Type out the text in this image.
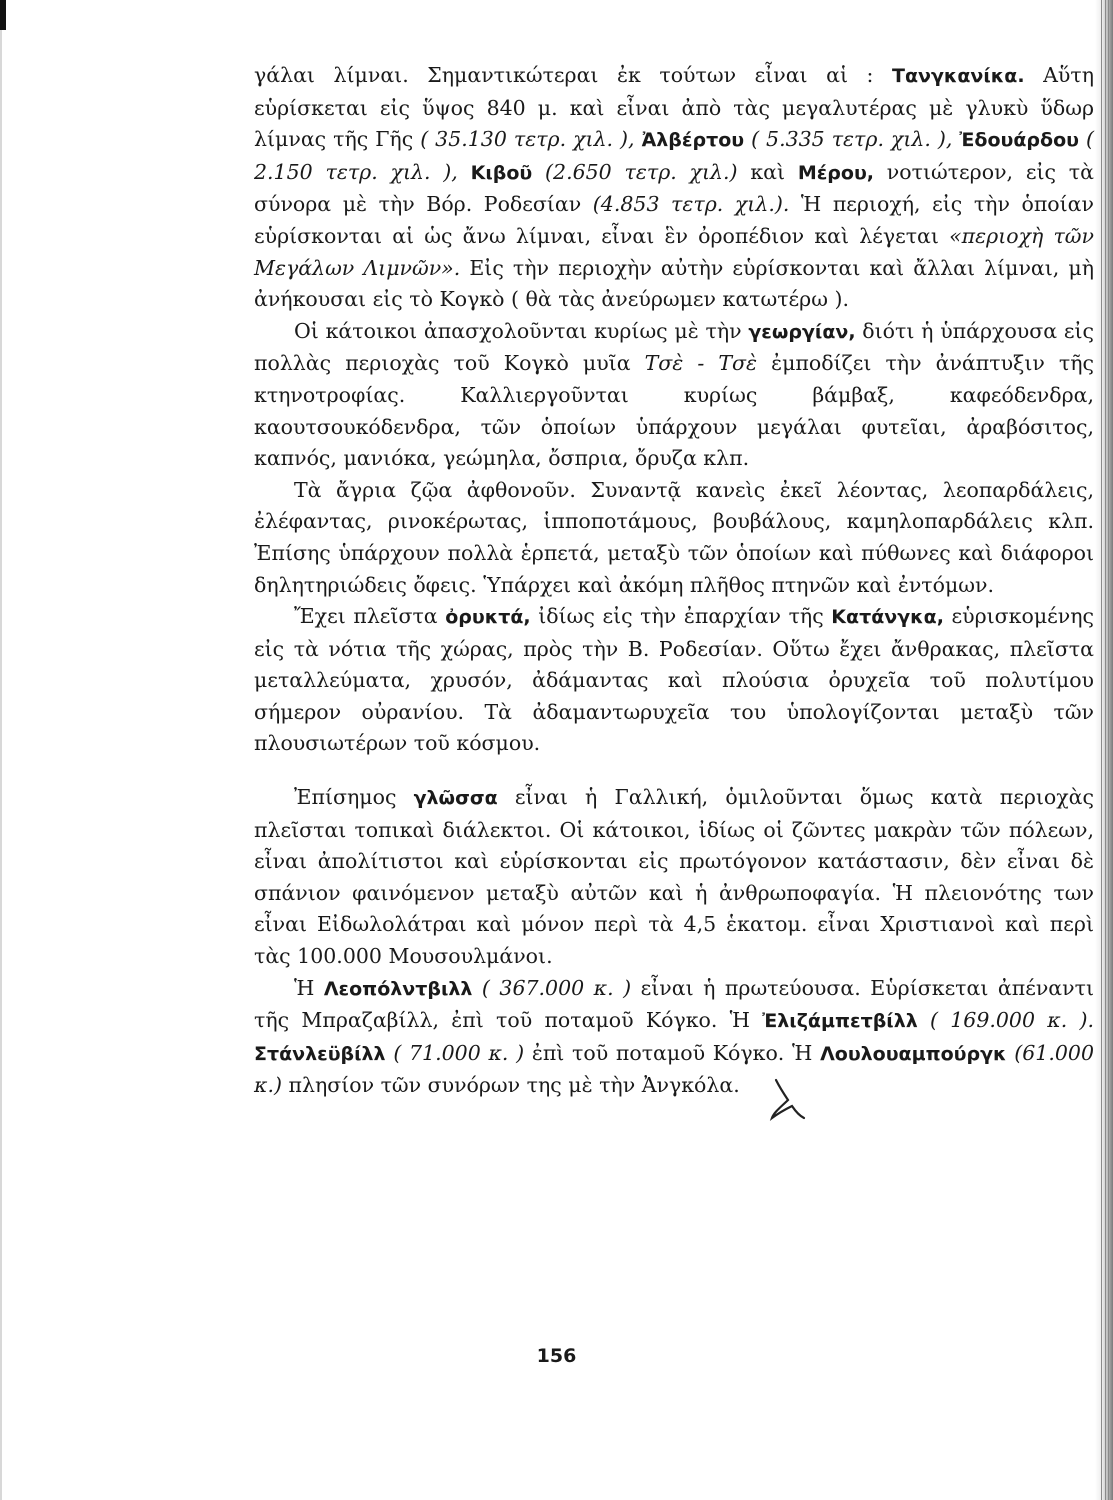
γάλαι λίμναι. Σημαντικώτεραι ἐκ τούτων εἶναι αἱ : Τανγκανίκα. Αὕτη εὑρίσκεται εἰς ὕψος 840 μ. καὶ εἶναι ἀπὸ τὰς μεγαλυτέρας μὲ γλυκὺ ὕδωρ λίμνας τῆς Γῆς ( 35.130 τετρ. χιλ. ), Ἀλβέρτου ( 5.335 τετρ. χιλ. ), Ἐδουάρδου ( 2.150 τετρ. χιλ. ), Κιβοῦ (2.650 τετρ. χιλ.) καὶ Μέρου, νοτιώτερον, εἰς τὰ σύνορα μὲ τὴν Βόρ. Ροδεσίαν (4.853 τετρ. χιλ.). Ἡ περιοχή, εἰς τὴν ὁποίαν εὑρίσκονται αἱ ὡς ἄνω λίμναι, εἶναι ἓν ὀροπέδιον καὶ λέγεται «περιοχὴ τῶν Μεγάλων Λιμνῶν». Εἰς τὴν περιοχὴν αὐτὴν εὑρίσκονται καὶ ἄλλαι λίμναι, μὴ ἀνήκουσαι εἰς τὸ Κογκὸ ( θὰ τὰς ἀνεύρωμεν κατωτέρω ).

Οἱ κάτοικοι ἀπασχολοῦνται κυρίως μὲ τὴν γεωργίαν, διότι ἡ ὑπάρχουσα εἰς πολλὰς περιοχὰς τοῦ Κογκὸ μυῖα Τσὲ - Τσὲ ἐμποδίζει τὴν ἀνάπτυξιν τῆς κτηνοτροφίας. Καλλιεργοῦνται κυρίως βάμβαξ, καφεόδενδρα, καουτσουκόδενδρα, τῶν ὁποίων ὑπάρχουν μεγάλαι φυτεῖαι, ἀραβόσιτος, καπνός, μανιόκα, γεώμηλα, ὄσπρια, ὄρυζα κλπ.

Τὰ ἄγρια ζῷα ἀφθονοῦν. Συναντᾷ κανεὶς ἐκεῖ λέοντας, λεοπαρδάλεις, ἐλέφαντας, ρινοκέρωτας, ἱπποποτάμους, βουβάλους, καμηλοπαρδάλεις κλπ. Ἐπίσης ὑπάρχουν πολλὰ ἑρπετά, μεταξὺ τῶν ὁποίων καὶ πύθωνες καὶ διάφοροι δηλητηριώδεις ὄφεις. Ὑπάρχει καὶ ἀκόμη πλῆθος πτηνῶν καὶ ἐντόμων.

Ἔχει πλεῖστα ὀρυκτά, ἰδίως εἰς τὴν ἐπαρχίαν τῆς Κατάνγκα, εὑρισκομένης εἰς τὰ νότια τῆς χώρας, πρὸς τὴν Β. Ροδεσίαν. Οὕτω ἔχει ἄνθρακας, πλεῖστα μεταλλεύματα, χρυσόν, ἀδάμαντας καὶ πλούσια ὀρυχεῖα τοῦ πολυτίμου σήμερον οὐρανίου. Τὰ ἀδαμαντωρυχεῖα του ὑπολογίζονται μεταξὺ τῶν πλουσιωτέρων τοῦ κόσμου.

Ἐπίσημος γλῶσσα εἶναι ἡ Γαλλική, ὁμιλοῦνται ὅμως κατὰ περιοχὰς πλεῖσται τοπικαὶ διάλεκτοι. Οἱ κάτοικοι, ἰδίως οἱ ζῶντες μακρὰν τῶν πόλεων, εἶναι ἀπολίτιστοι καὶ εὑρίσκονται εἰς πρωτόγονον κατάστασιν, δὲν εἶναι δὲ σπάνιον φαινόμενον μεταξὺ αὐτῶν καὶ ἡ ἀνθρωποφαγία. Ἡ πλειονότης των εἶναι Εἰδωλολάτραι καὶ μόνον περὶ τὰ 4,5 ἑκατομ. εἶναι Χριστιανοὶ καὶ περὶ τὰς 100.000 Μουσουλμάνοι.

Ἡ Λεοπόλντβιλλ ( 367.000 κ. ) εἶναι ἡ πρωτεύουσα. Εὑρίσκεται ἀπέναντι τῆς Μπραζαβίλλ, ἐπὶ τοῦ ποταμοῦ Κόγκο. Ἡ Ἐλιζάμπετβίλλ ( 169.000 κ. ). Στάνλεϋβίλλ ( 71.000 κ. ) ἐπὶ τοῦ ποταμοῦ Κόγκο. Ἡ Λουλουαμπούργκ (61.000 κ.) πλησίον τῶν συνόρων της μὲ τὴν Ἀνγκόλα.

156
